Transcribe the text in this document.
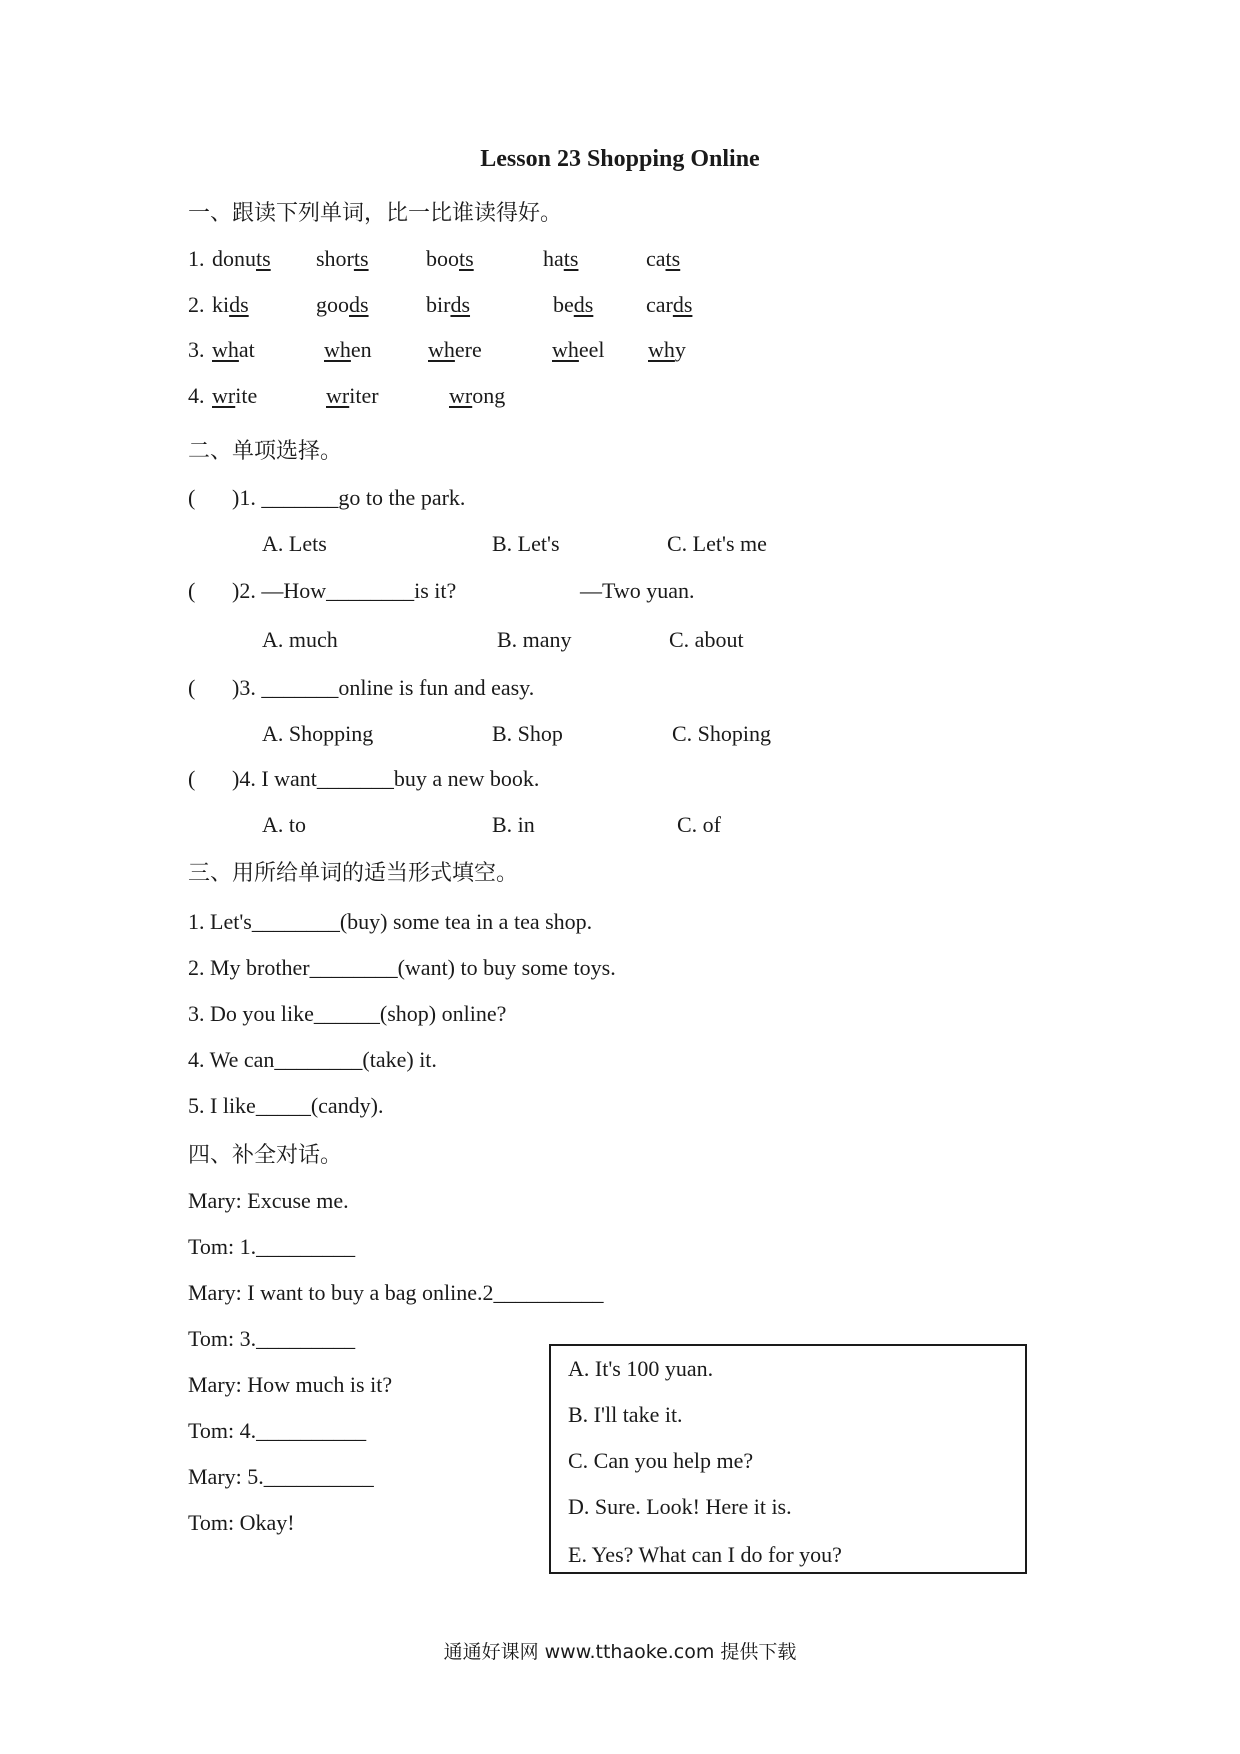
Lesson 23 Shopping Online
一、跟读下列单词，比一比谁读得好。
1. donuts shorts	boots	hats	cats
2. kids	goods	birds	beds cards
3. what	when	where	wheel why
4. write	writer	wrong
二、单项选择。
( )1. _______go to the park.
A. Lets	B. Let's	C. Let's me
( )2. —How________is it?	—Two yuan.
A. much	B. many	C. about
( )3. _______online is fun and easy.
A. Shopping	B. Shop	C. Shoping
( )4. I want_______buy a new book.
A. to	B. in	C. of
三、用所给单词的适当形式填空。
1. Let's________(buy) some tea in a tea shop.
2. My brother________(want) to buy some toys.
3. Do you like______(shop) online?
4. We can________(take) it.
5. I like_____(candy).
四、补全对话。
Mary: Excuse me.
Tom: 1._________
Mary: I want to buy a bag online.2__________
Tom: 3._________
Mary: How much is it?
Tom: 4.__________
Mary: 5.__________
Tom: Okay!
A. It's 100 yuan.
B. I'll take it.
C. Can you help me?
D. Sure. Look! Here it is.
E. Yes? What can I do for you?
通通好课网 www.tthaoke.com 提供下载
